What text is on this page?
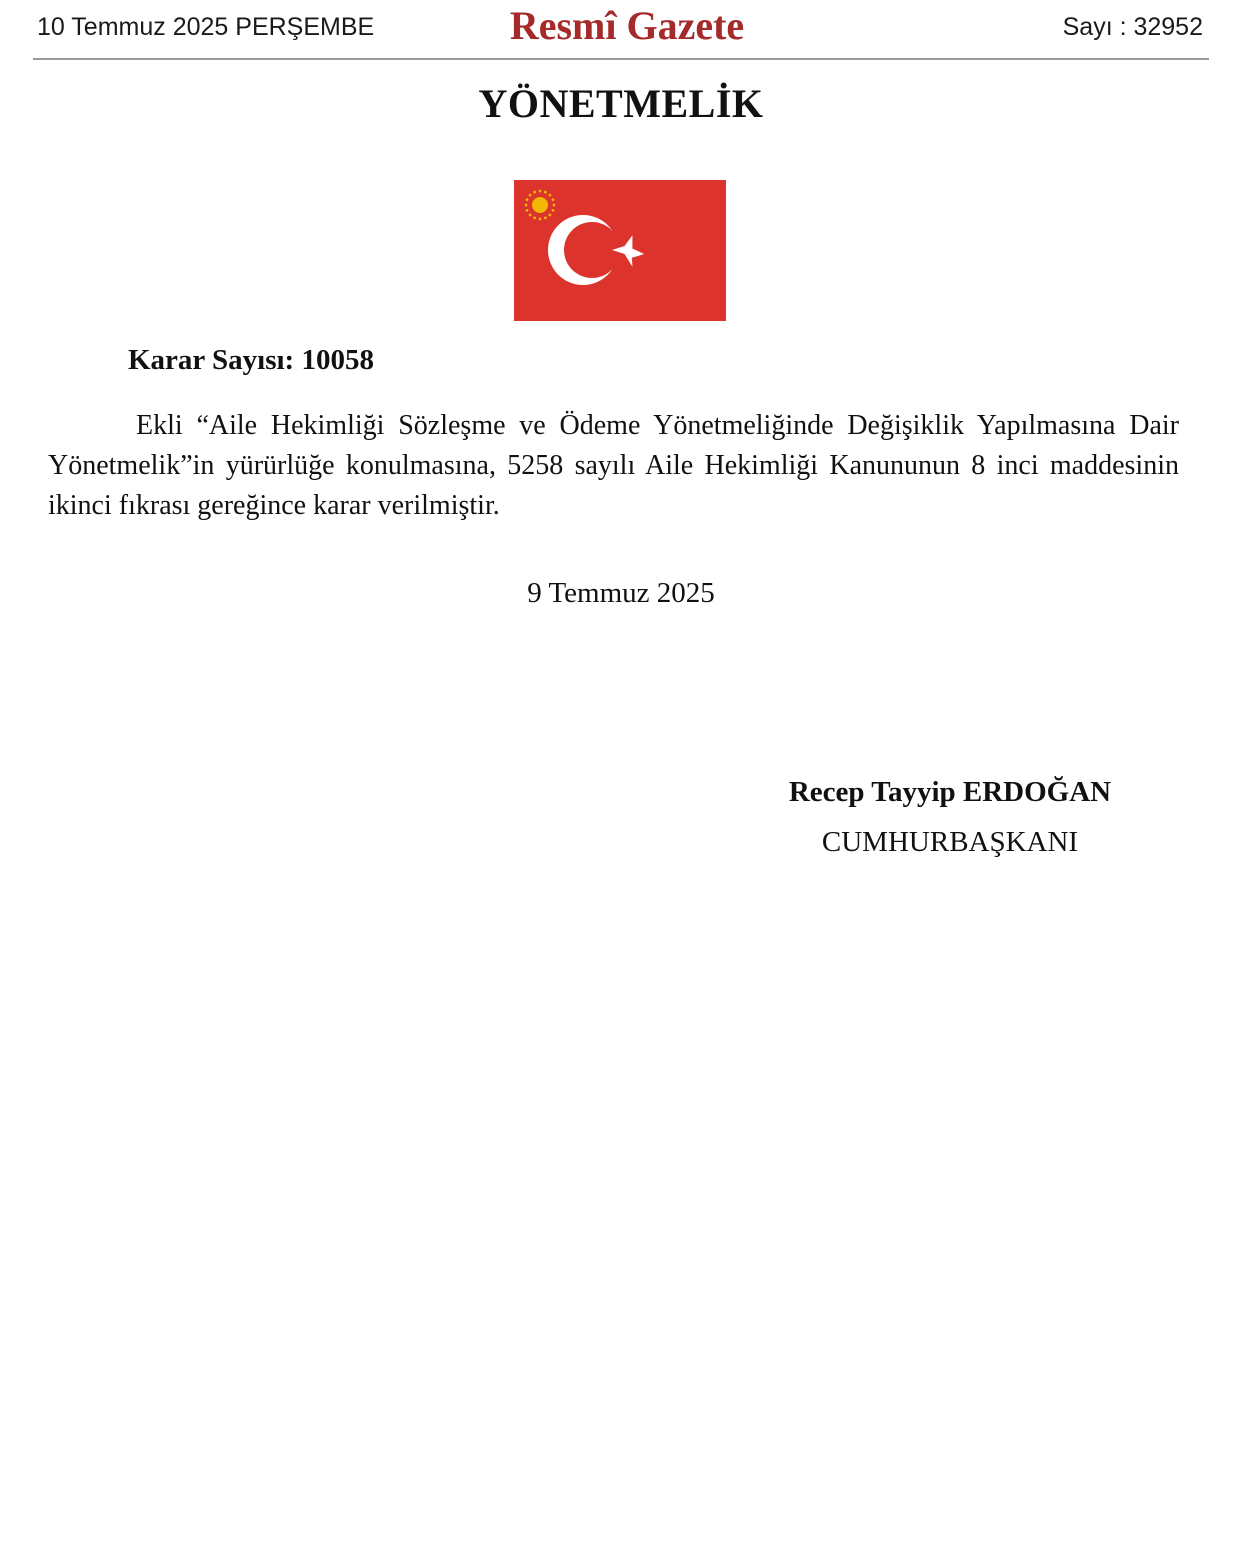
10 Temmuz 2025 PERŞEMBE	Resmî Gazete	Sayı : 32952
YÖNETMELİK
Karar Sayısı: 10058
Ekli “Aile Hekimliği Sözleşme ve Ödeme Yönetmeliğinde Değişiklik Yapılmasına Dair Yönetmelik”in yürürlüğe konulmasına, 5258 sayılı Aile Hekimliği Kanununun 8 inci maddesinin ikinci fıkrası gereğince karar verilmiştir.
9 Temmuz 2025
Recep Tayyip ERDOĞAN
CUMHURBAŞKANI
